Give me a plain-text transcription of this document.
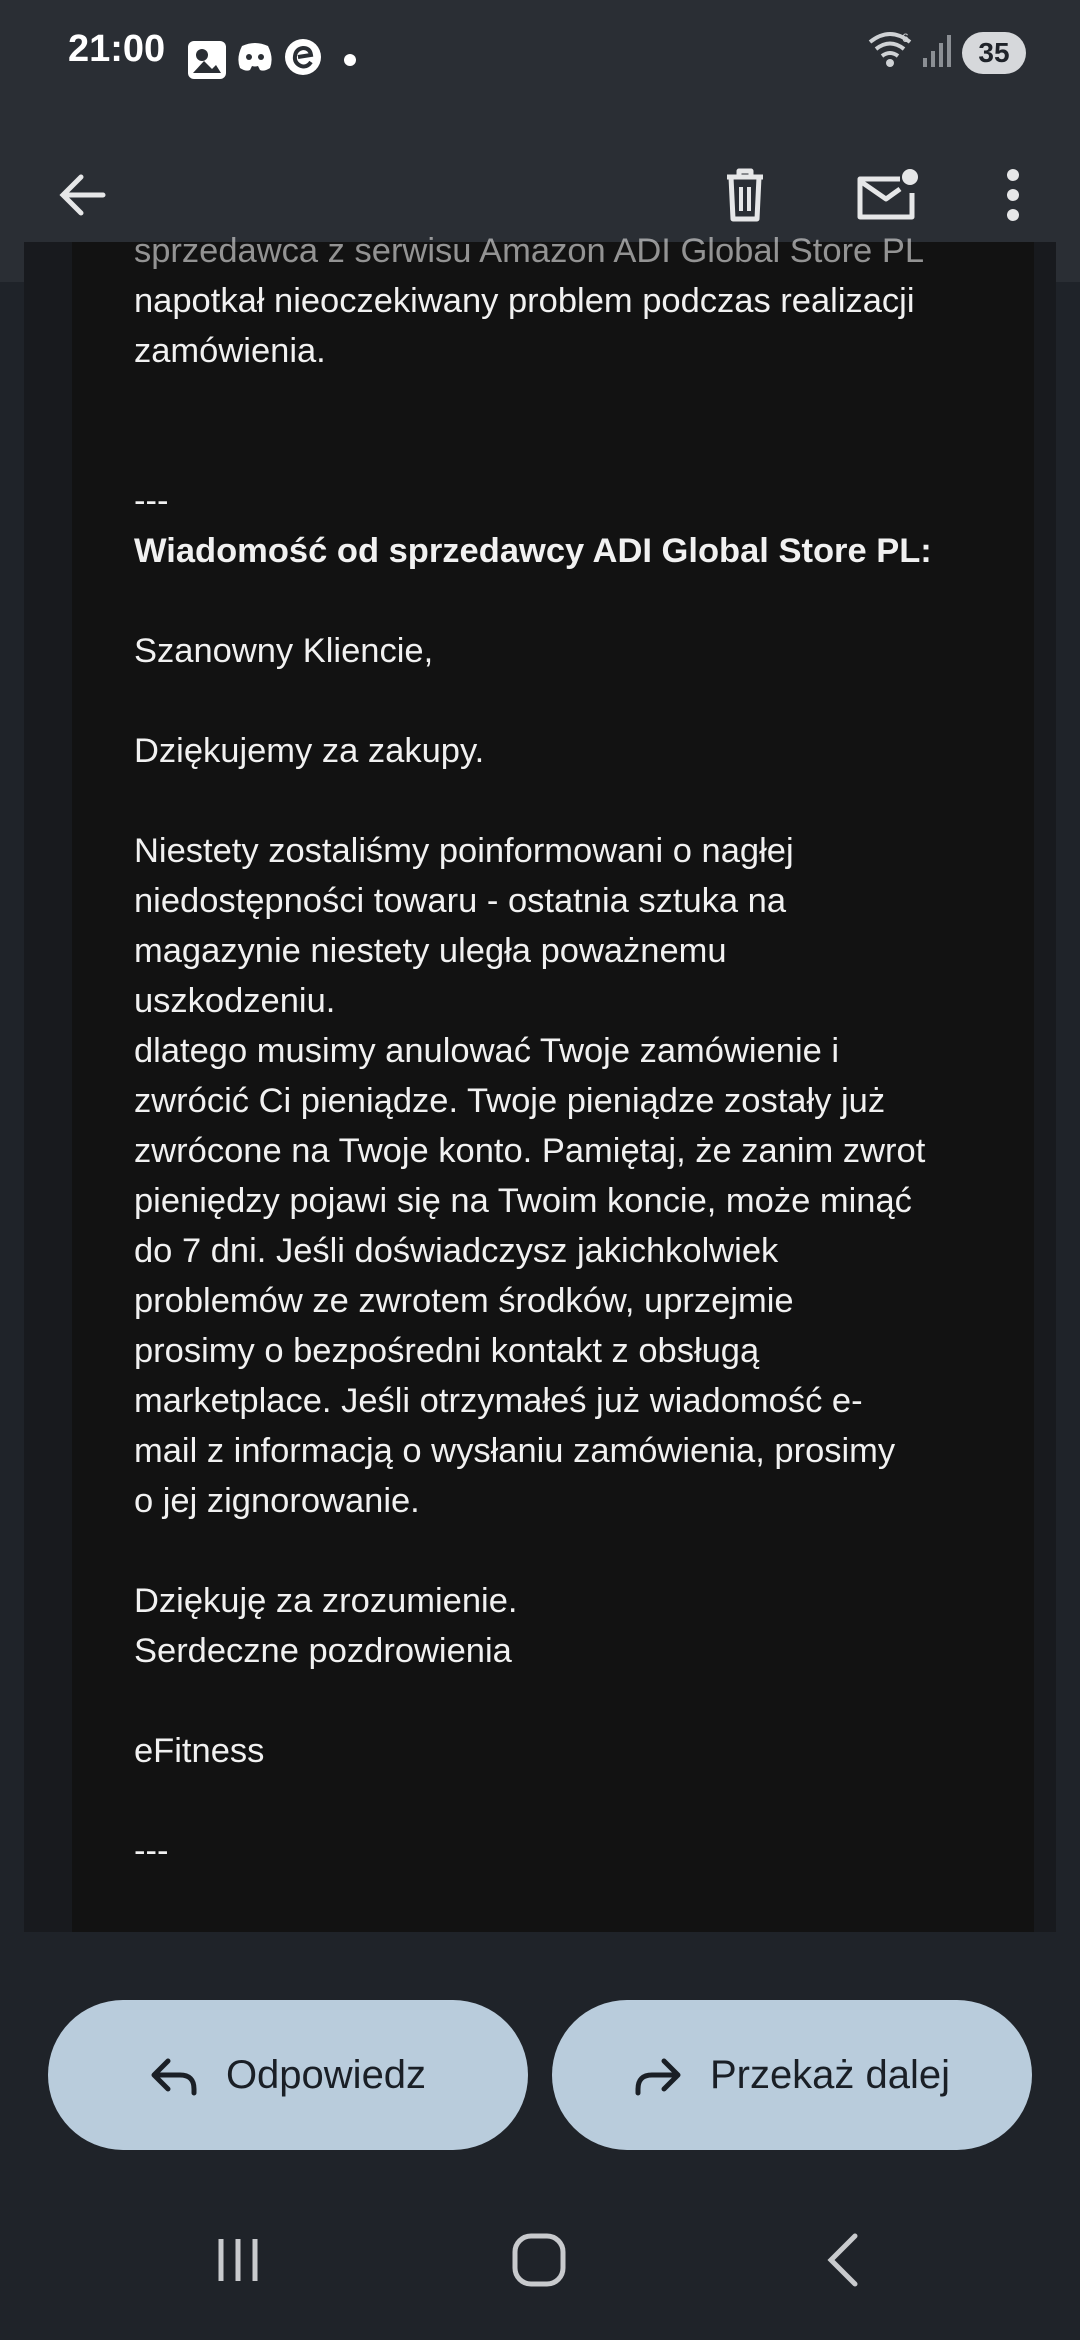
21:00	6	35

sprzedawca z serwisu Amazon ADI Global Store PL

napotkał nieoczekiwany problem podczas realizacji
zamówienia.

---

Wiadomość od sprzedawcy ADI Global Store PL:

Szanowny Kliencie,

Dziękujemy za zakupy.

Niestety zostaliśmy poinformowani o nagłej
niedostępności towaru - ostatnia sztuka na
magazynie niestety uległa poważnemu
uszkodzeniu.
dlatego musimy anulować Twoje zamówienie i
zwrócić Ci pieniądze. Twoje pieniądze zostały już
zwrócone na Twoje konto. Pamiętaj, że zanim zwrot
pieniędzy pojawi się na Twoim koncie, może minąć
do 7 dni. Jeśli doświadczysz jakichkolwiek
problemów ze zwrotem środków, uprzejmie
prosimy o bezpośredni kontakt z obsługą
marketplace. Jeśli otrzymałeś już wiadomość e-
mail z informacją o wysłaniu zamówienia, prosimy
o jej zignorowanie.

Dziękuję za zrozumienie.
Serdeczne pozdrowienia

eFitness

---

Odpowiedz	Przekaż dalej
